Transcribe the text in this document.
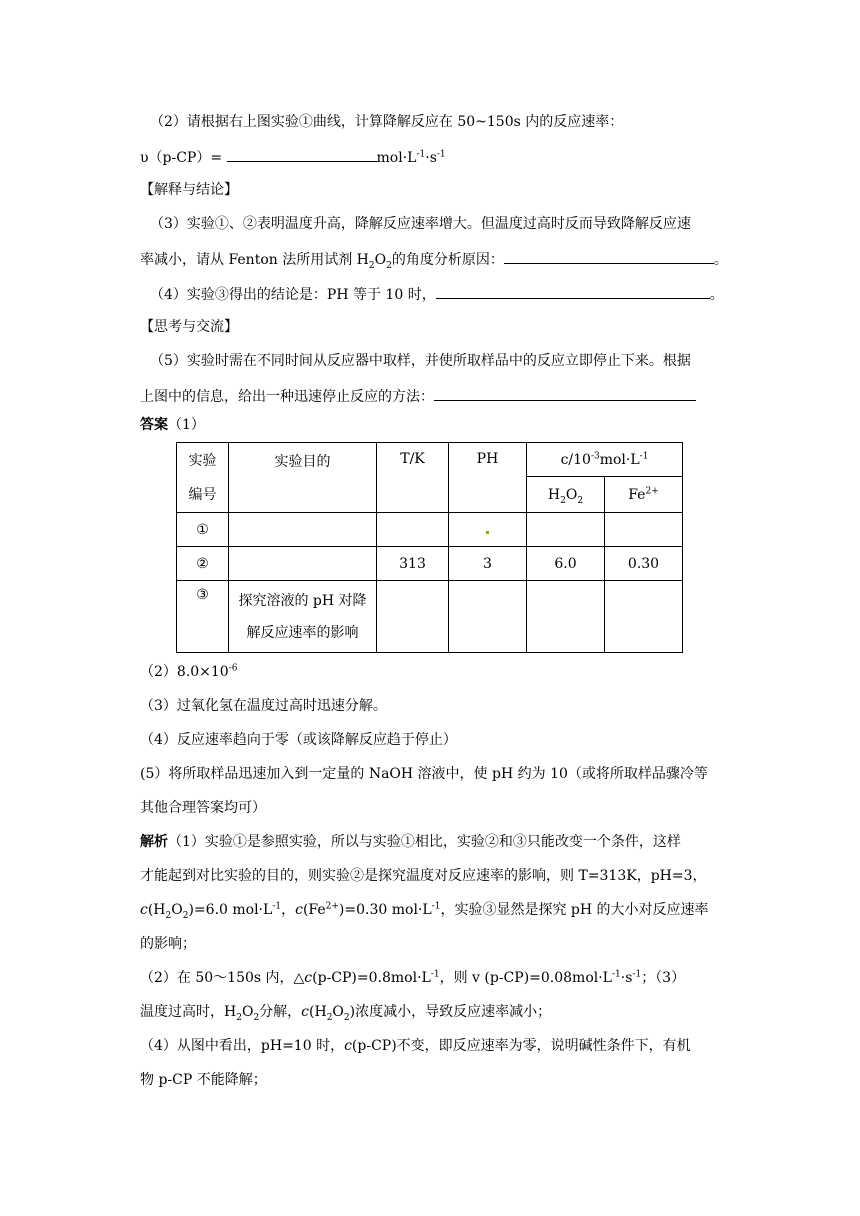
（2）请根据右上图实验①曲线，计算降解反应在 50~150s 内的反应速率：
υ（p-CP）=	$mol\cdot L^{-1}\cdot s^{-1}$
【解释与结论】
（3）实验①、②表明温度升高，降解反应速率增大。但温度过高时反而导致降解反应速
率减小，请从 Fenton 法所用试剂 $H_2O_2$的角度分析原因：	。
（4）实验③得出的结论是：PH 等于 10 时，	。
【思考与交流】
（5）实验时需在不同时间从反应器中取样，并使所取样品中的反应立即停止下来。根据
上图中的信息，给出一种迅速停止反应的方法：
答案（1）
实验
编号	实验目的	T/K	PH	$c/10^{-3}mol\cdot L^{-1}$
				$H_2O_2$	$Fe^{2+}$
①					
②		313	3	6.0	0.30
③	探究溶液的 pH 对降
解反应速率的影响				

$(2)8.0\times 10^{-6}$
（3）过氧化氢在温度过高时迅速分解。
（4）反应速率趋向于零（或该降解反应趋于停止）
(5）将所取样品迅速加入到一定量的 NaOH 溶液中，使 pH 约为 10（或将所取样品骤冷等
其他合理答案均可）
解析（1）实验①是参照实验，所以与实验①相比，实验②和③只能改变一个条件，这样
才能起到对比实验的目的，则实验②是探究温度对反应速率的影响，则 T=313K，pH=3，
$c(H_2O_2)=6.0$ $mol\cdot L^{-1}$，$c(Fe^{2+})=0.30$ $mol\cdot L^{-1}$，实验③显然是探究 pH 的大小对反应速率
的影响；
（2）在 50～150s 内，$\triangle c(p-CP)=0.8mol\cdot L^{-1}$，则 v $(p-CP)=0.08mol\cdot L^{-1}\cdot s^{-1}$；（3）
温度过高时，$H_2O_2$分解，$c(H_2O_2)$浓度减小，导致反应速率减小；
（4）从图中看出，pH=10 时，c(p-CP)不变，即反应速率为零，说明碱性条件下，有机
物 p-CP 不能降解；
